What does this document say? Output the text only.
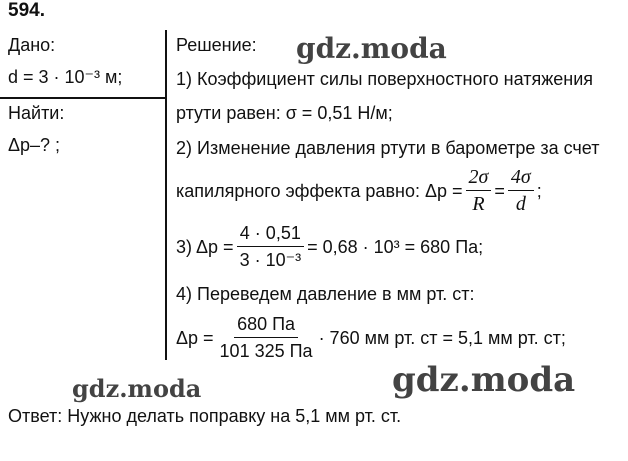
594.
Дано:
d = 3 · 10⁻³ м;
Найти:
Δp–? ;
Решение:
1) Коэффициент силы поверхностного натяжения
ртути равен: σ = 0,51 Н/м;
2) Изменение давления ртути в барометре за счет
капилярного эффекта равно: $\Delta p = \frac{2\sigma}{R} = \frac{4\sigma}{d}$ ;
3) $\Delta p = \frac{4 \cdot 0,51}{\text{3 · 10⁻³}} = 0,68 \cdot 10^3 = 680$ Па;
4) Переведем давление в мм рт. ст:
$\Delta p = \frac{680 Па}{101 325 Па} \cdot 760$ мм рт. ст = 5,1 мм рт. ст;
Ответ: Нужно делать поправку на 5,1 мм рт. ст.
gdz.moda
gdz.moda	gdz.moda
